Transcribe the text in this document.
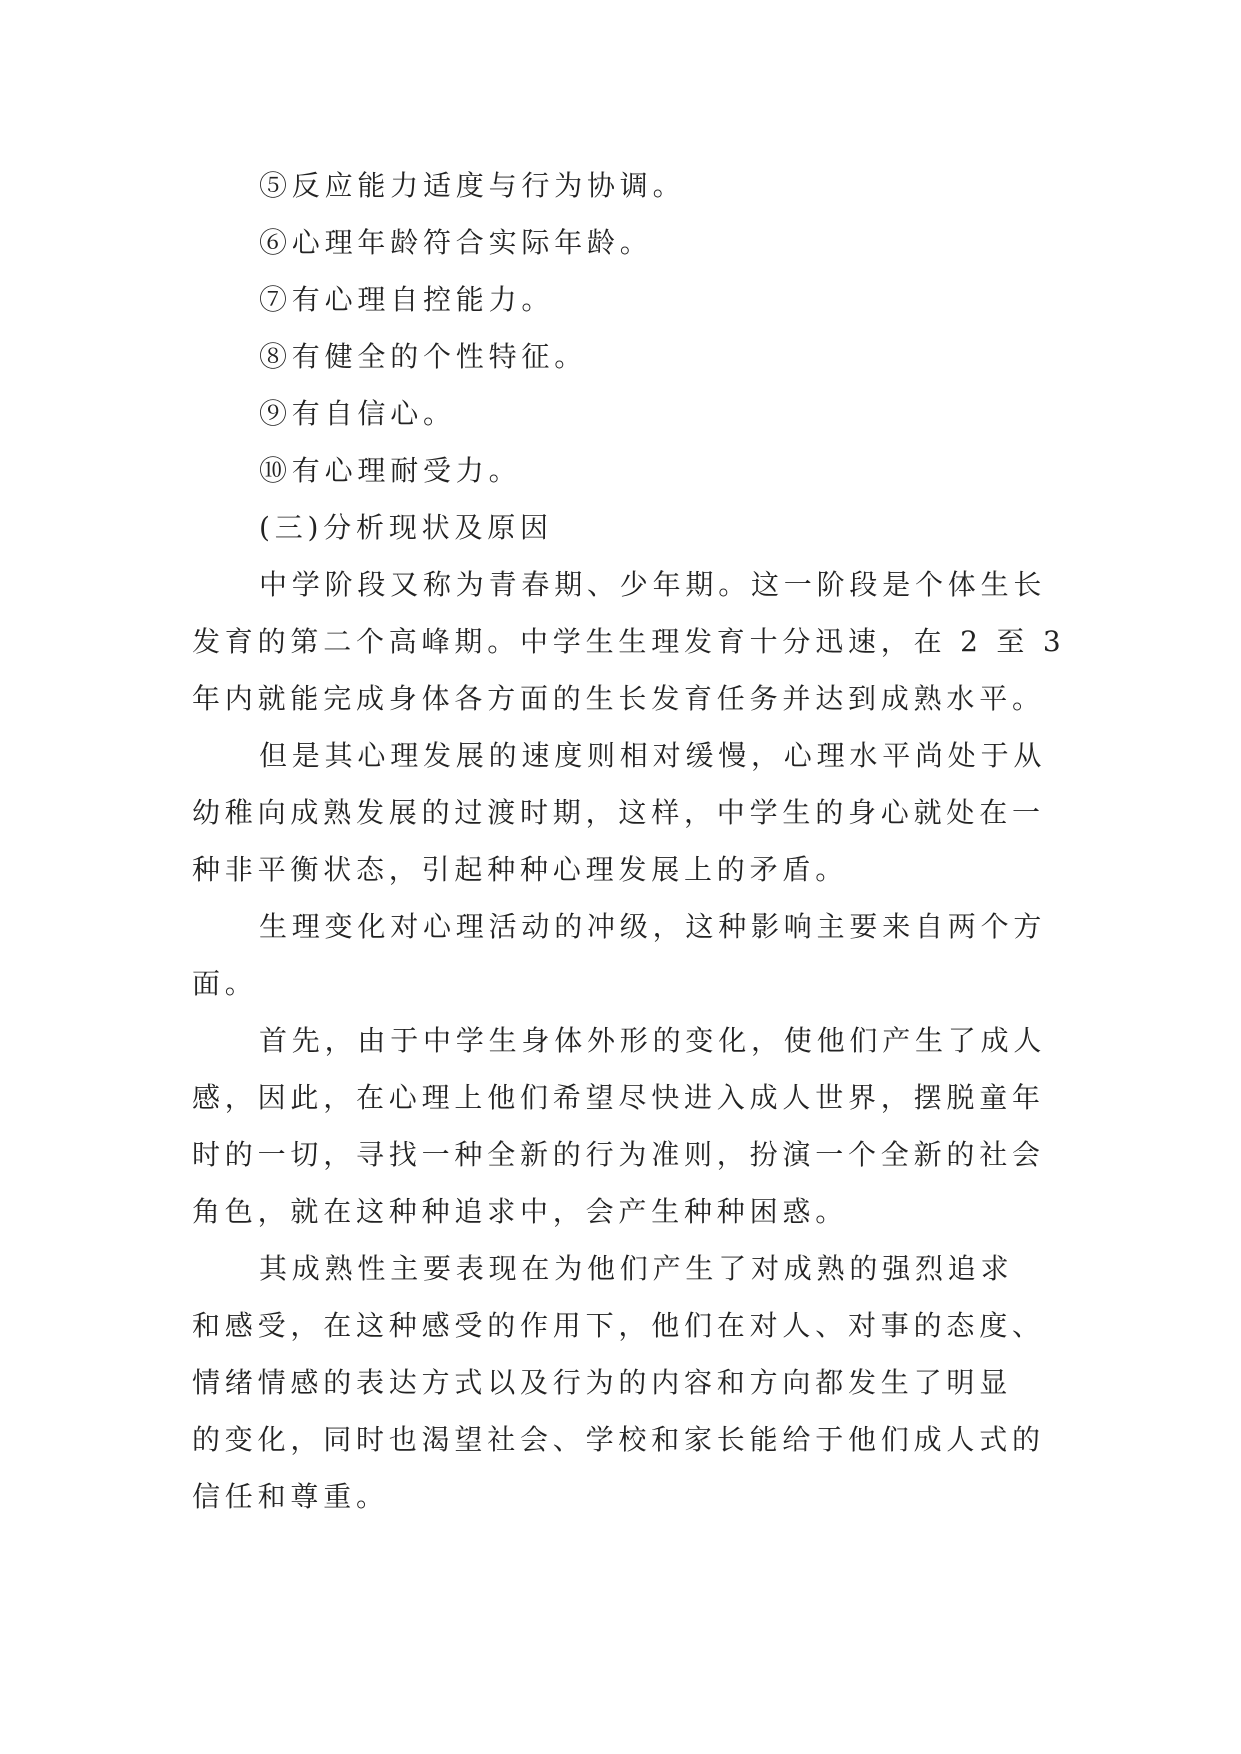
⑤反应能力适度与行为协调。

⑥心理年龄符合实际年龄。

⑦有心理自控能力。

⑧有健全的个性特征。

⑨有自信心。

⑩有心理耐受力。

(三)分析现状及原因

中学阶段又称为青春期、少年期。这一阶段是个体生长

发育的第二个高峰期。中学生生理发育十分迅速，在 2 至 3

年内就能完成身体各方面的生长发育任务并达到成熟水平。

但是其心理发展的速度则相对缓慢，心理水平尚处于从

幼稚向成熟发展的过渡时期，这样，中学生的身心就处在一

种非平衡状态，引起种种心理发展上的矛盾。

生理变化对心理活动的冲级，这种影响主要来自两个方

面。

首先，由于中学生身体外形的变化，使他们产生了成人

感，因此，在心理上他们希望尽快进入成人世界，摆脱童年

时的一切，寻找一种全新的行为准则，扮演一个全新的社会

角色，就在这种种追求中，会产生种种困惑。

其成熟性主要表现在为他们产生了对成熟的强烈追求

和感受，在这种感受的作用下，他们在对人、对事的态度、

情绪情感的表达方式以及行为的内容和方向都发生了明显

的变化，同时也渴望社会、学校和家长能给于他们成人式的

信任和尊重。
